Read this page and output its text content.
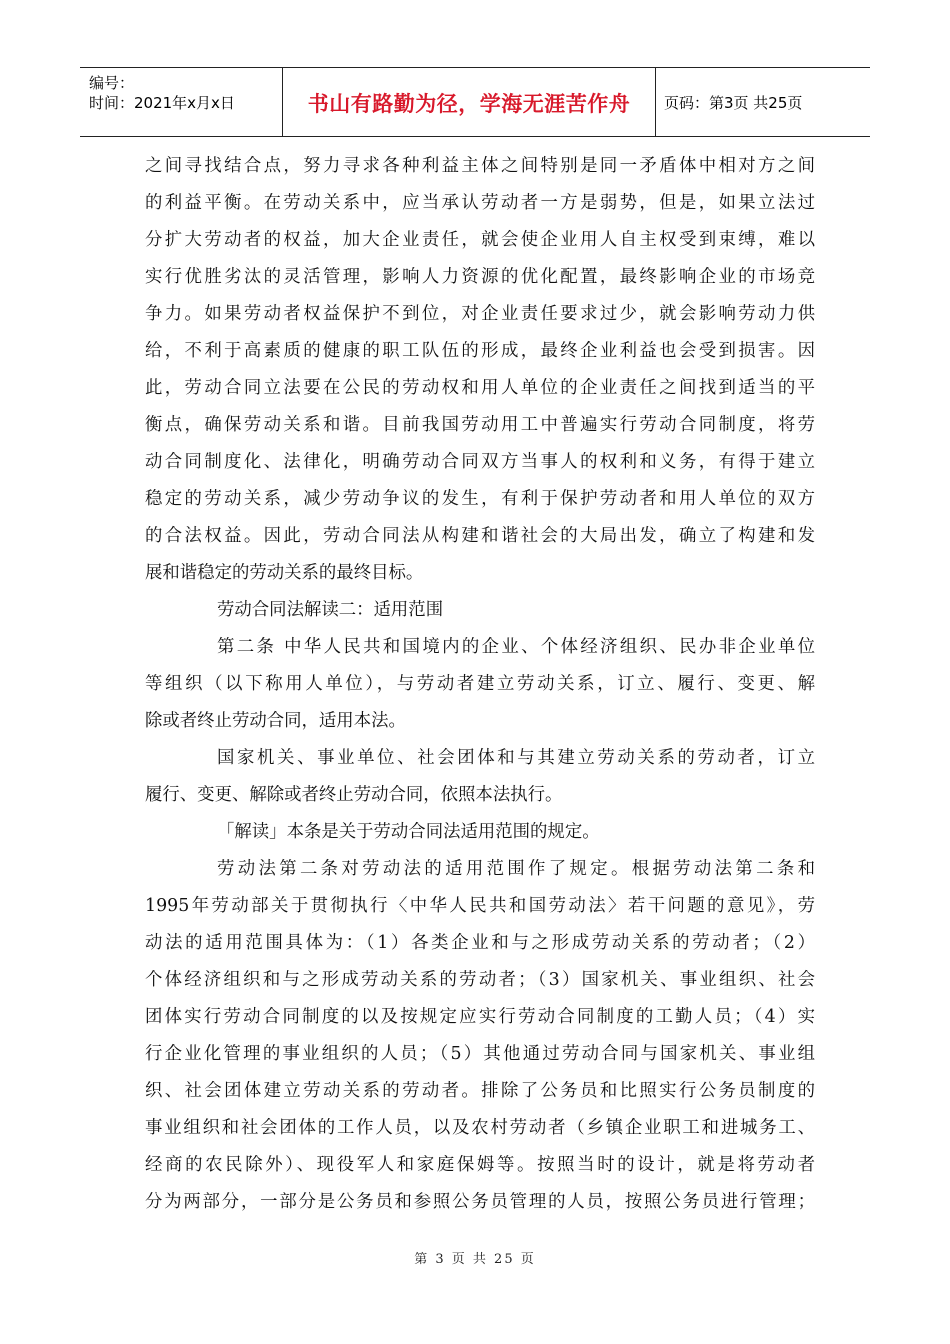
编号：
时间：2021年x月x日	书山有路勤为径，学海无涯苦作舟	页码：第3页 共25页

之间寻找结合点，努力寻求各种利益主体之间特别是同一矛盾体中相对方之间

的利益平衡。在劳动关系中，应当承认劳动者一方是弱势，但是，如果立法过

分扩大劳动者的权益，加大企业责任，就会使企业用人自主权受到束缚，难以

实行优胜劣汰的灵活管理，影响人力资源的优化配置，最终影响企业的市场竞

争力。如果劳动者权益保护不到位，对企业责任要求过少，就会影响劳动力供

给，不利于高素质的健康的职工队伍的形成，最终企业利益也会受到损害。因

此，劳动合同立法要在公民的劳动权和用人单位的企业责任之间找到适当的平

衡点，确保劳动关系和谐。目前我国劳动用工中普遍实行劳动合同制度，将劳

动合同制度化、法律化，明确劳动合同双方当事人的权利和义务，有得于建立

稳定的劳动关系，减少劳动争议的发生，有利于保护劳动者和用人单位的双方

的合法权益。因此，劳动合同法从构建和谐社会的大局出发，确立了构建和发

展和谐稳定的劳动关系的最终目标。

劳动合同法解读二：适用范围

第二条 中华人民共和国境内的企业、个体经济组织、民办非企业单位

等组织（以下称用人单位），与劳动者建立劳动关系，订立、履行、变更、解

除或者终止劳动合同，适用本法。

国家机关、事业单位、社会团体和与其建立劳动关系的劳动者，订立

履行、变更、解除或者终止劳动合同，依照本法执行。

「解读」本条是关于劳动合同法适用范围的规定。

劳动法第二条对劳动法的适用范围作了规定。根据劳动法第二条和

1995年劳动部关于贯彻执行〈中华人民共和国劳动法〉若干问题的意见》，劳

动法的适用范围具体为：（1）各类企业和与之形成劳动关系的劳动者；（2）

个体经济组织和与之形成劳动关系的劳动者；（3）国家机关、事业组织、社会

团体实行劳动合同制度的以及按规定应实行劳动合同制度的工勤人员；（4）实

行企业化管理的事业组织的人员；（5）其他通过劳动合同与国家机关、事业组

织、社会团体建立劳动关系的劳动者。排除了公务员和比照实行公务员制度的

事业组织和社会团体的工作人员，以及农村劳动者（乡镇企业职工和进城务工、

经商的农民除外）、现役军人和家庭保姆等。按照当时的设计，就是将劳动者

分为两部分，一部分是公务员和参照公务员管理的人员，按照公务员进行管理；

第 3 页 共 25 页
